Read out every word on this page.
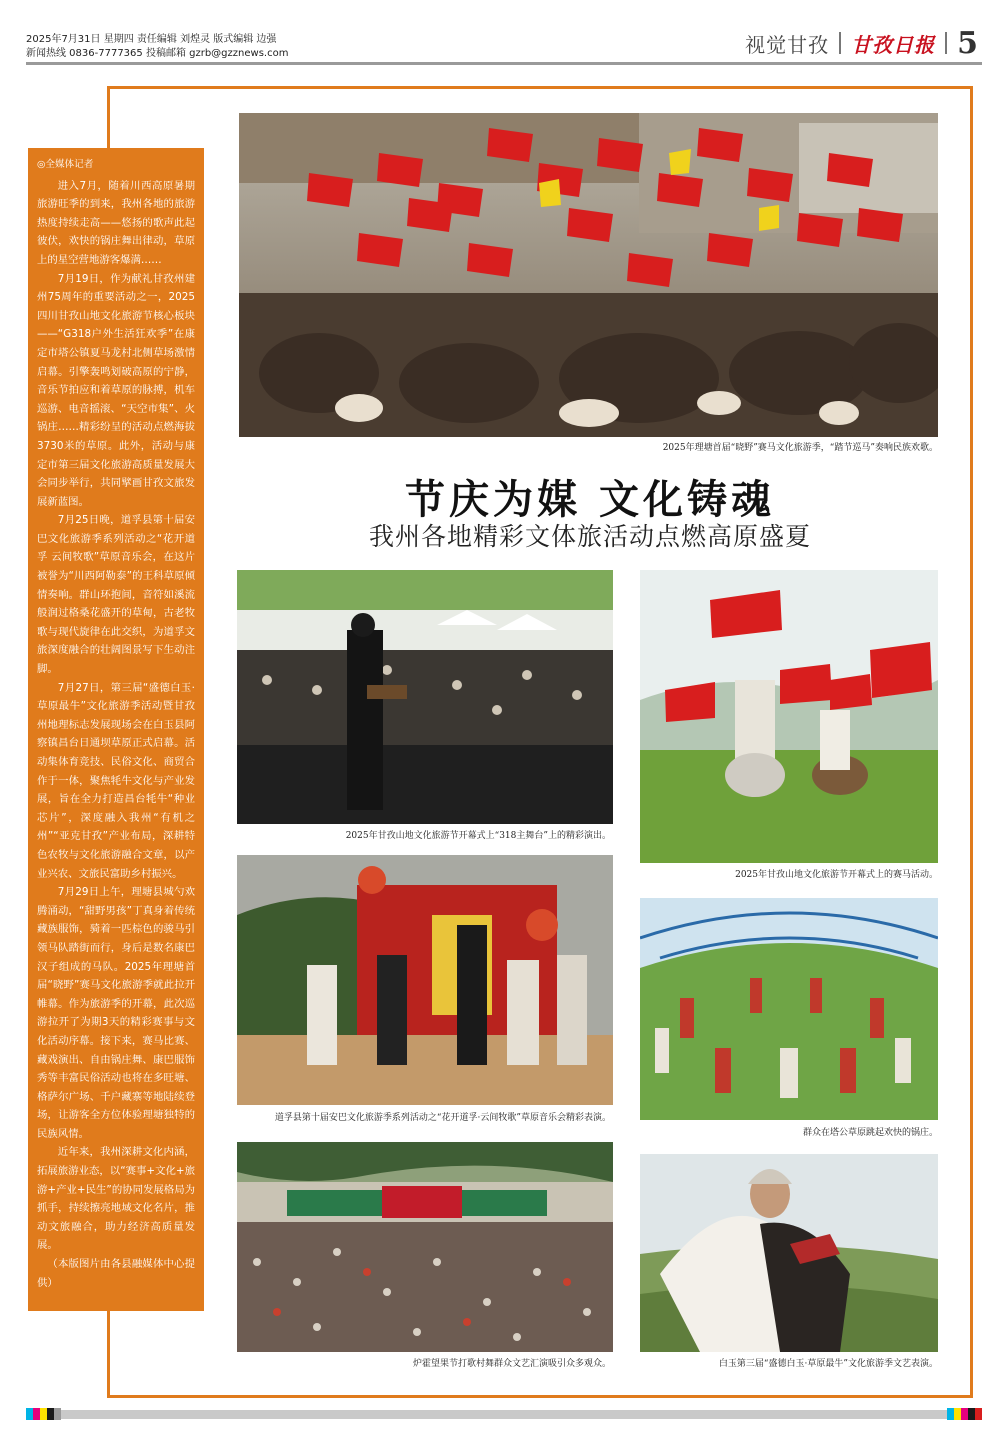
2025年7月31日 星期四 责任编辑 刘煌灵 版式编辑 边强
新闻热线 0836-7777365 投稿邮箱 gzrb@gzznews.com	视觉甘孜 甘孜日报 5
◎全媒体记者

进入7月，随着川西高原暑期旅游旺季的到来，我州各地的旅游热度持续走高——悠扬的歌声此起彼伏，欢快的锅庄舞出律动，草原上的星空营地游客爆满……

7月19日，作为献礼甘孜州建州75周年的重要活动之一，2025四川甘孜山地文化旅游节核心板块——“G318户外生活狂欢季”在康定市塔公镇夏马龙村北侧草场激情启幕。引擎轰鸣划破高原的宁静，音乐节拍应和着草原的脉搏，机车巡游、电音摇滚、“天空市集”、火锅庄……精彩纷呈的活动点燃海拔3730米的草原。此外，活动与康定市第三届文化旅游高质量发展大会同步举行，共同擘画甘孜文旅发展新蓝图。

7月25日晚，道孚县第十届安巴文化旅游季系列活动之“花开道孚 云间牧歌”草原音乐会，在这片被誉为“川西阿勒泰”的王科草原倾情奏响。群山环抱间，音符如溪流般润过格桑花盛开的草甸，古老牧歌与现代旋律在此交织，为道孚文旅深度融合的壮阔图景写下生动注脚。

7月27日，第三届“盛德白玉·草原最牛”文化旅游季活动暨甘孜州地理标志发展现场会在白玉县阿察镇昌台日通坝草原正式启幕。活动集体育竞技、民俗文化、商贸合作于一体，聚焦牦牛文化与产业发展，旨在全力打造昌台牦牛“种业芯片”，深度融入我州“有机之州”“亚克甘孜”产业布局，深耕特色农牧与文化旅游融合文章，以产业兴农、文旅民富助乡村振兴。

7月29日上午，理塘县城勺欢腾涌动，“甜野男孩”丁真身着传统藏族服饰，骑着一匹棕色的骏马引领马队踏街而行，身后是数名康巴汉子组成的马队。2025年理塘首届“晓野”赛马文化旅游季就此拉开帷幕。作为旅游季的开幕，此次巡游拉开了为期3天的精彩赛事与文化活动序幕。接下来，赛马比赛、藏戏演出、自由锅庄舞、康巴服饰秀等丰富民俗活动也将在多旺塘、格萨尔广场、千户藏寨等地陆续登场，让游客全方位体验理塘独特的民族风情。

近年来，我州深耕文化内涵，拓展旅游业态，以“赛事+文化+旅游+产业+民生”的协同发展格局为抓手，持续擦亮地域文化名片，推动文旅融合，助力经济高质量发展。

（本版图片由各县融媒体中心提供）

2025年理塘首届“晓野”赛马文化旅游季，“踏节巡马”奏响民族欢歌。
节庆为媒 文化铸魂
我州各地精彩文体旅活动点燃高原盛夏
2025年甘孜山地文化旅游节开幕式上“318主舞台”上的精彩演出。
2025年甘孜山地文化旅游节开幕式上的赛马活动。
道孚县第十届安巴文化旅游季系列活动之“花开道孚·云间牧歌”草原音乐会精彩表演。
群众在塔公草原跳起欢快的锅庄。
炉霍望果节打歌村舞群众文艺汇演吸引众多观众。	白玉第三届“盛德白玉·草原最牛”文化旅游季文艺表演。
